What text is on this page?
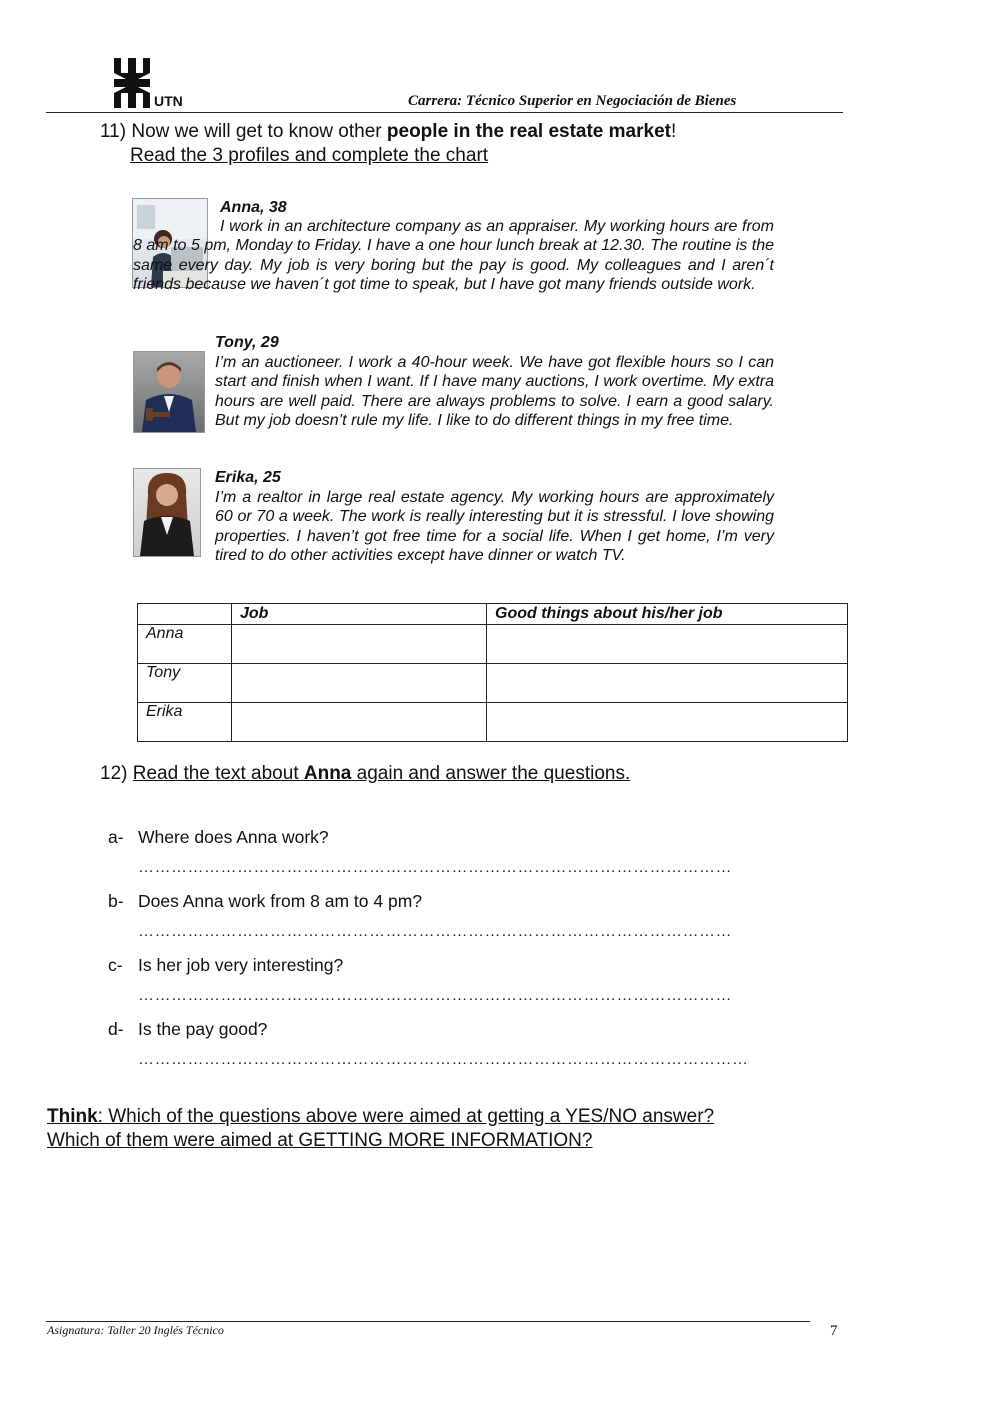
UTN	Carrera: Técnico Superior en Negociación de Bienes
11) Now we will get to know other people in the real estate market!
Read the 3 profiles and complete the chart
Anna, 38
I work in an architecture company as an appraiser. My working hours are from 8 am to 5 pm, Monday to Friday. I have a one hour lunch break at 12.30. The routine is the same every day. My job is very boring but the pay is good. My colleagues and I aren´t friends because we haven´t got time to speak, but I have got many friends outside work.
Tony, 29
I’m an auctioneer. I work a 40-hour week. We have got flexible hours so I can start and finish when I want. If I have many auctions, I work overtime. My extra hours are well paid. There are always problems to solve. I earn a good salary. But my job doesn’t rule my life. I like to do different things in my free time.
Erika, 25
I’m a realtor in large real estate agency. My working hours are approximately 60 or 70 a week. The work is really interesting but it is stressful. I love showing properties. I haven’t got free time for a social life. When I get home, I’m very tired to do other activities except have dinner or watch TV.
	Job	Good things about his/her job
Anna		
Tony		
Erika		
12) Read the text about Anna again and answer the questions.
a- Where does Anna work?
………………………………………………………………………………………………
b- Does Anna work from 8 am to 4 pm?
………………………………………………………………………………………………
c- Is her job very interesting?
………………………………………………………………………………………………
d- Is the pay good?
…………………………………………………………………………………………………
Think: Which of the questions above were aimed at getting a YES/NO answer?
Which of them were aimed at GETTING MORE INFORMATION?
Asignatura: Taller 20 Inglés Técnico	7
